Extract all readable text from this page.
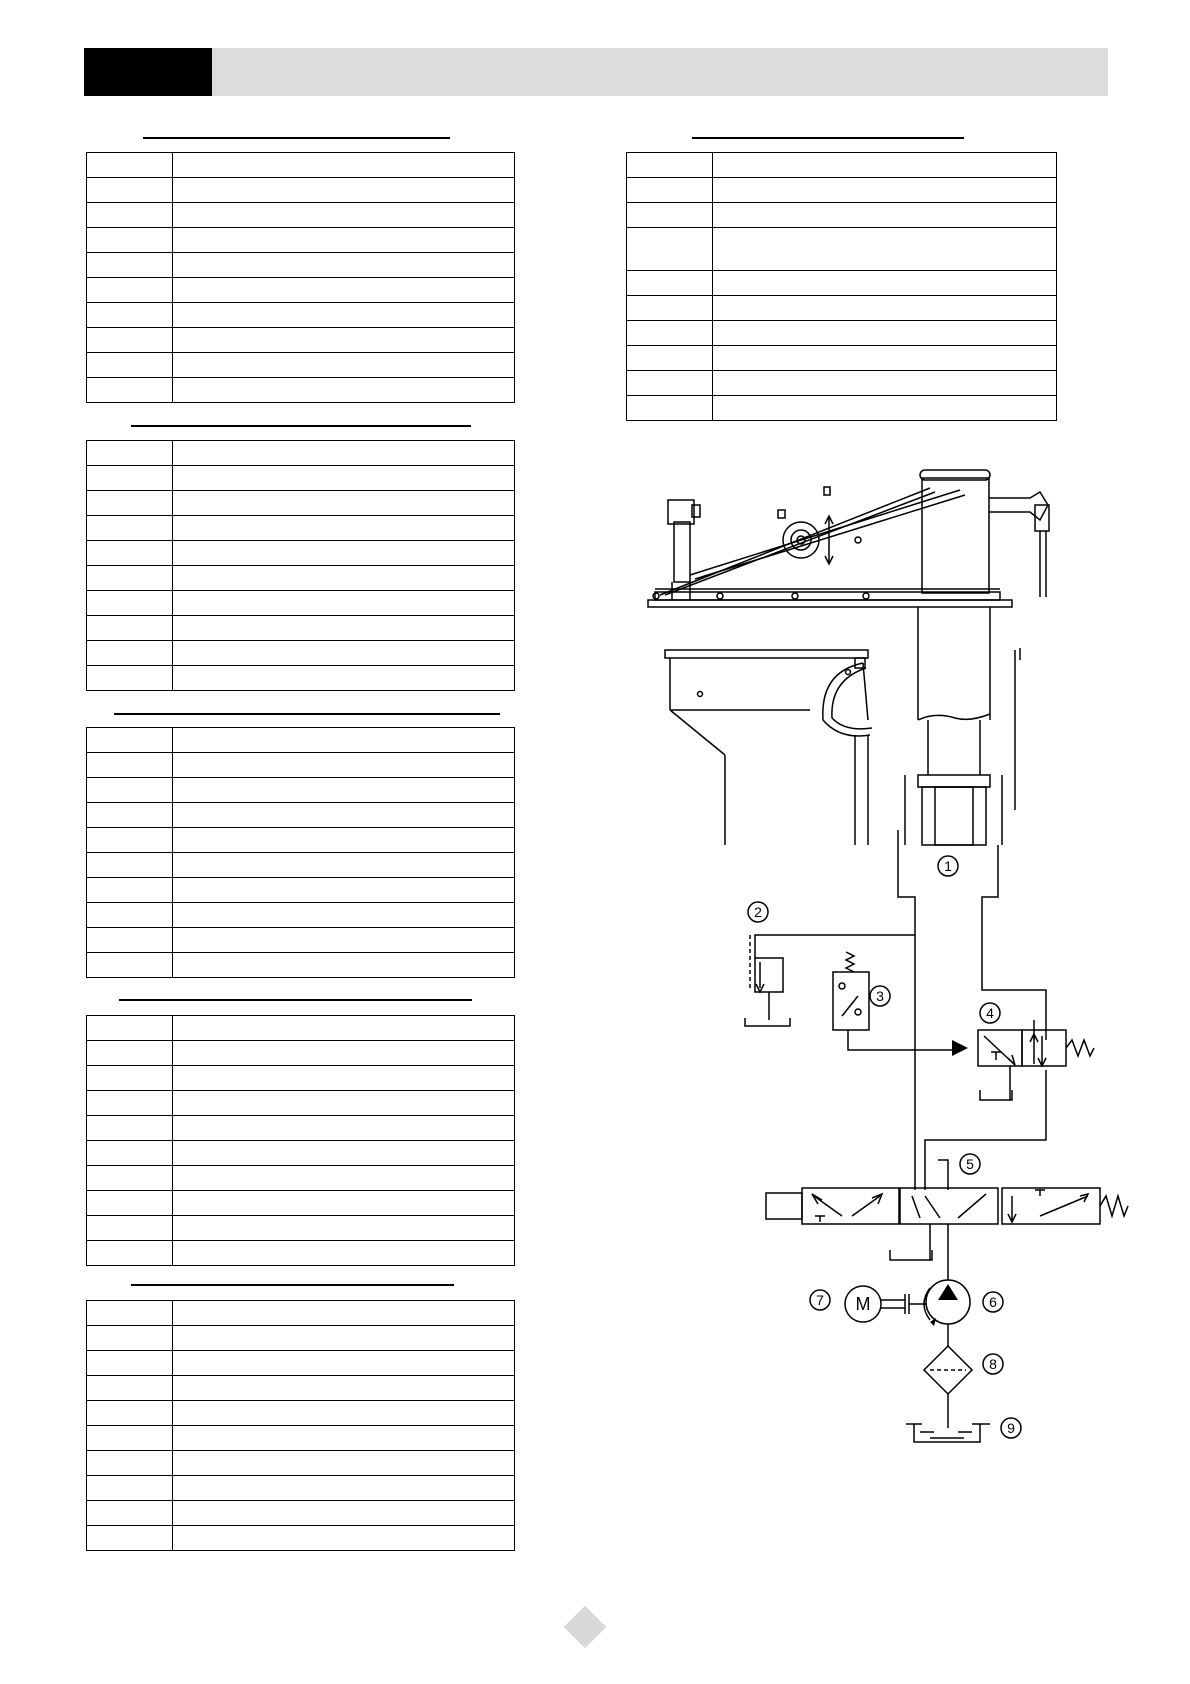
1
2
3
4
5
6
7
8
9
M
